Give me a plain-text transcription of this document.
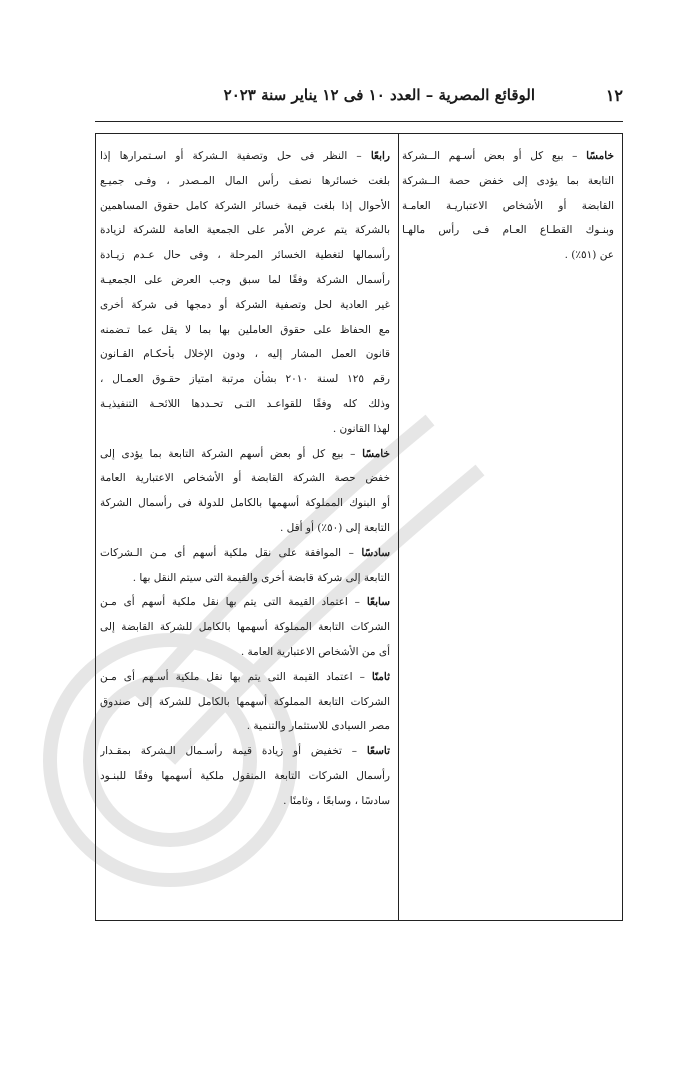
١٢
الوقائع المصرية – العدد ١٠ فى ١٢ يناير سنة ٢٠٢٣
خامسًا – بيع كل أو بعض أسـهم الــشركة
التابعة بما يؤدى إلى خفض حصة الــشركة
القابضة أو الأشخاص الاعتباريـة العامـة
وبنـوك القطـاع العـام فـى رأس مالهـا
عن (٥١٪) .
رابعًا – النظر فى حل وتصفية الـشركة أو اسـتمرارها إذا
بلغت خسائرها نصف رأس المال المـصدر ، وفـى جميـع
الأحوال إذا بلغت قيمة خسائر الشركة كامل حقوق المساهمين
بالشركة يتم عرض الأمر على الجمعية العامة للشركة لزيادة
رأسمالها لتغطية الخسائر المرحلة ، وفى حال عـدم زيـادة
رأسمال الشركة وفقًا لما سبق وجب العرض على الجمعيـة
غير العادية لحل وتصفية الشركة أو دمجها فى شركة أخرى
مع الحفاظ على حقوق العاملين بها بما لا يقل عما تـضمنه
قانون العمل المشار إليه ، ودون الإخلال بأحكـام القـانون
رقم ١٢٥ لسنة ٢٠١٠ بشأن مرتبة امتياز حقـوق العمـال ،
وذلك كله وفقًا للقواعـد التـى تحـددها اللائحـة التنفيذيـة
لهذا القانون .
خامسًا – بيع كل أو بعض أسهم الشركة التابعة بما يؤدى إلى
خفض حصة الشركة القابضة أو الأشخاص الاعتبارية العامة
أو البنوك المملوكة أسهمها بالكامل للدولة فى رأسمال الشركة
التابعة إلى (٥٠٪) أو أقل .
سادسًا – الموافقة على نقل ملكية أسهم أى مـن الـشركات
التابعة إلى شركة قابضة أخرى والقيمة التى سيتم النقل بها .
سابعًا – اعتماد القيمة التى يتم بها نقل ملكية أسهم أى مـن
الشركات التابعة المملوكة أسهمها بالكامل للشركة القابضة إلى
أى من الأشخاص الاعتبارية العامة .
ثامنًا – اعتماد القيمة التى يتم بها نقل ملكية أسـهم أى مـن
الشركات التابعة المملوكة أسهمها بالكامل للشركة إلى صندوق
مصر السيادى للاستثمار والتنمية .
تاسعًا – تخفيض أو زيادة قيمة رأسـمال الـشركة بمقـدار
رأسمال الشركات التابعة المنقول ملكية أسهمها وفقًا للبنـود
سادسًا ، وسابعًا ، وثامنًا .
